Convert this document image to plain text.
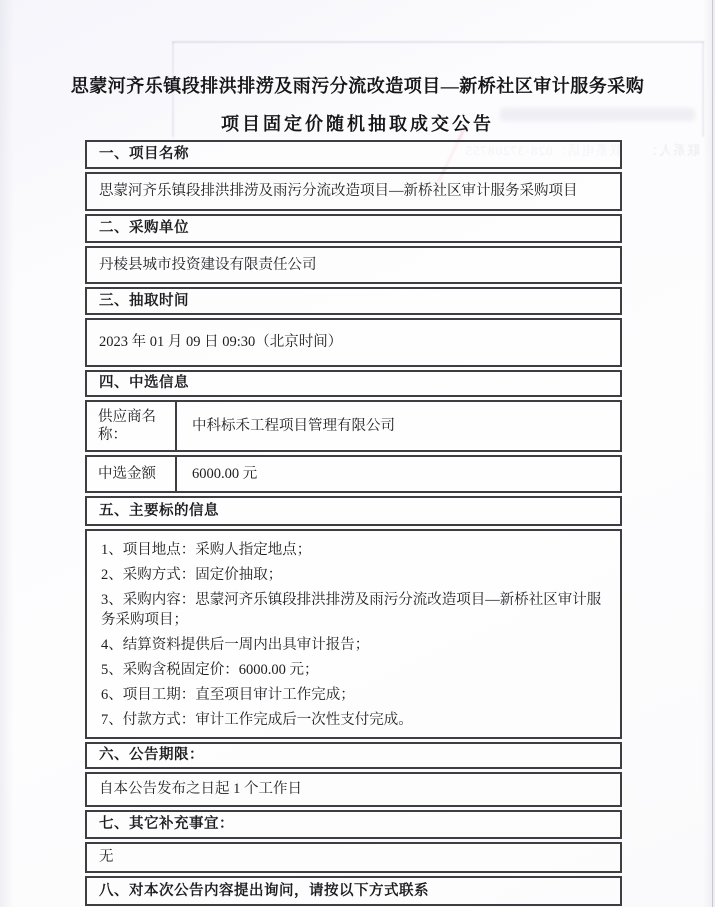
联系人：　　联系电话：028-37208755
思蒙河齐乐镇段排洪排涝及雨污分流改造项目—新桥社区审计服务采购
项目固定价随机抽取成交公告
一、项目名称
思蒙河齐乐镇段排洪排涝及雨污分流改造项目—新桥社区审计服务采购项目
二、采购单位
丹棱县城市投资建设有限责任公司
三、抽取时间
2023 年 01 月 09 日 09:30（北京时间）
四、中选信息
供应商名称：
中科标禾工程项目管理有限公司
中选金额	6000.00 元
五、主要标的信息

1、项目地点：采购人指定地点；

2、采购方式：固定价抽取；

3、采购内容：思蒙河齐乐镇段排洪排涝及雨污分流改造项目—新桥社区审计服务采购项目；

4、结算资料提供后一周内出具审计报告；

5、采购含税固定价：6000.00 元；

6、项目工期：直至项目审计工作完成；

7、付款方式：审计工作完成后一次性支付完成。

六、公告期限：
自本公告发布之日起 1 个工作日
七、其它补充事宜：
无
八、对本次公告内容提出询问，请按以下方式联系
